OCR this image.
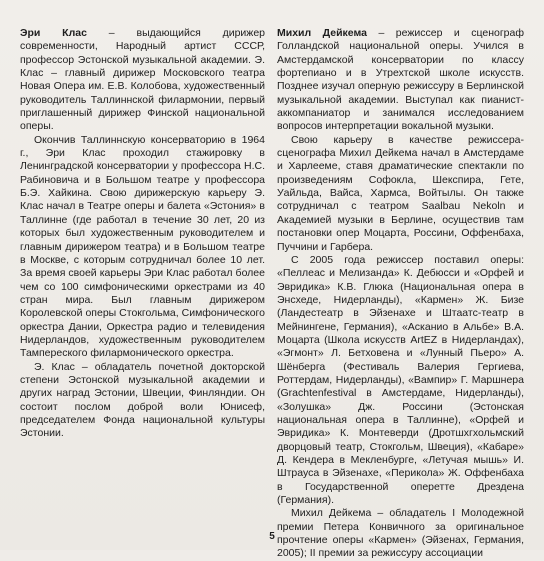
Эри Клас – выдающийся дирижер современности, Народный артист СССР, профессор Эстонской музыкальной академии. Э. Клас – главный дирижер Московского театра Новая Опера им. Е.В. Колобова, художественный руководитель Таллиннской филармонии, первый приглашенный дирижер Финской национальной оперы.

Окончив Таллиннскую консерваторию в 1964 г., Эри Клас проходил стажировку в Ленинградской консерватории у профессора Н.С. Рабиновича и в Большом театре у профессора Б.Э. Хайкина. Свою дирижерскую карьеру Э. Клас начал в Театре оперы и балета «Эстония» в Таллинне (где работал в течение 30 лет, 20 из которых был художественным руководителем и главным дирижером театра) и в Большом театре в Москве, с которым сотрудничал более 10 лет. За время своей карьеры Эри Клас работал более чем со 100 симфоническими оркестрами из 40 стран мира. Был главным дирижером Королевской оперы Стокгольма, Симфонического оркестра Дании, Оркестра радио и телевидения Нидерландов, художественным руководителем Тампереского филармонического оркестра.

Э. Клас – обладатель почетной докторской степени Эстонской музыкальной академии и других наград Эстонии, Швеции, Финляндии. Он состоит послом доброй воли Юнисеф, председателем Фонда национальной культуры Эстонии.

Михил Дейкема – режиссер и сценограф Голландской национальной оперы. Учился в Амстердамской консерватории по классу фортепиано и в Утрехтской школе искусств. Позднее изучал оперную режиссуру в Берлинской музыкальной академии. Выступал как пианист-аккомпаниатор и занимался исследованием вопросов интерпретации вокальной музыки.

Свою карьеру в качестве режиссера-сценографа Михил Дейкема начал в Амстердаме и Харлееме, ставя драматические спектакли по произведениям Софокла, Шекспира, Гете, Уайльда, Вайса, Хармса, Войтылы. Он также сотрудничал с театром Saalbau Nekoln и Академией музыки в Берлине, осуществив там постановки опер Моцарта, Россини, Оффенбаха, Пуччини и Гарбера.

С 2005 года режиссер поставил оперы: «Пеллеас и Мелизанда» К. Дебюсси и «Орфей и Эвридика» К.В. Глюка (Национальная опера в Энсхеде, Нидерланды), «Кармен» Ж. Бизе (Ландестеатр в Эйзенахе и Штаатс-театр в Мейнингене, Германия), «Асканио в Альбе» В.А. Моцарта (Школа искусств ArtEZ в Нидерландах), «Эгмонт» Л. Бетховена и «Лунный Пьеро» А. Шёнберга (Фестиваль Валерия Гергиева, Роттердам, Нидерланды), «Вампир» Г. Маршнера (Grachtenfestival в Амстердаме, Нидерланды), «Золушка» Дж. Россини (Эстонская национальная опера в Таллинне), «Орфей и Эвридика» К. Монтеверди (Дротшхгхольмский дворцовый театр, Стокгольм, Швеция), «Кабаре» Д. Кендера в Мекленбурге, «Летучая мышь» И. Штрауса в Эйзенахе, «Перикола» Ж. Оффенбаха в Государственной оперетте Дрездена (Германия).

Михил Дейкема – обладатель I Молодежной премии Петера Конвичного за оригинальное прочтение оперы «Кармен» (Эйзенах, Германия, 2005); II премии за режиссуру ассоциации

5
